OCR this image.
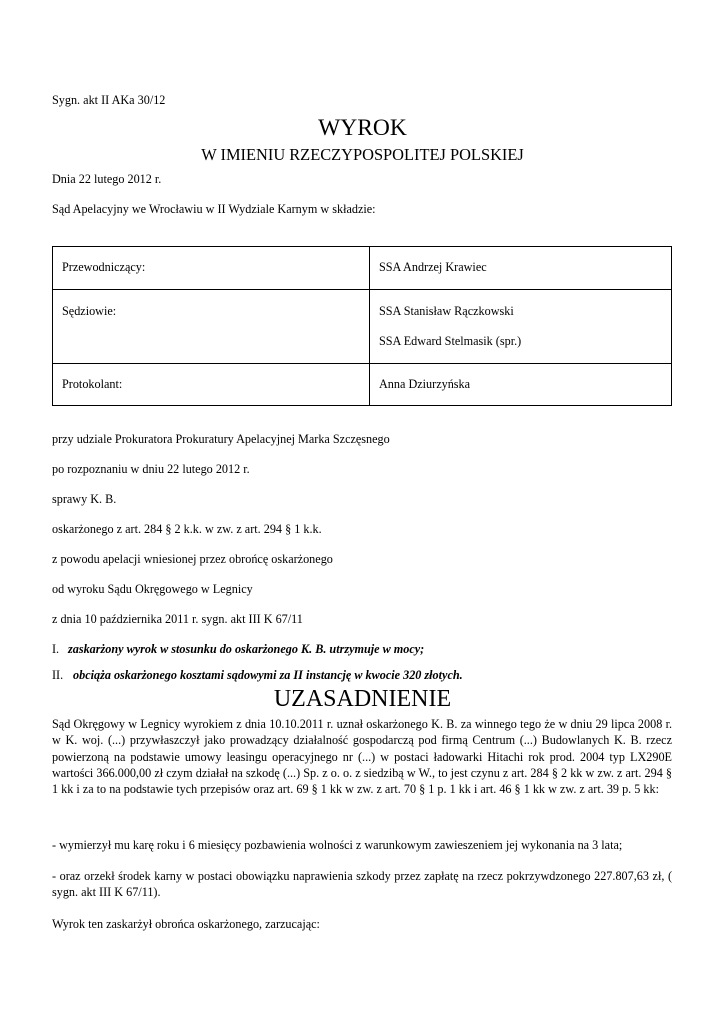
Sygn. akt II AKa 30/12
WYROK
W IMIENIU RZECZYPOSPOLITEJ POLSKIEJ
Dnia 22 lutego 2012 r.
Sąd Apelacyjny we Wrocławiu w II Wydziale Karnym w składzie:
Przewodniczący:	SSA Andrzej Krawiec

Sędziowie:	SSA Stanisław Rączkowski
SSA Edward Stelmasik (spr.)

Protokolant:	Anna Dziurzyńska
przy udziale Prokuratora Prokuratury Apelacyjnej Marka Szczęsnego
po rozpoznaniu w dniu 22 lutego 2012 r.
sprawy K. B.
oskarżonego z art. 284 § 2 k.k. w zw. z art. 294 § 1 k.k.
z powodu apelacji wniesionej przez obrońcę oskarżonego
od wyroku Sądu Okręgowego w Legnicy
z dnia 10 października 2011 r. sygn. akt III K 67/11
I. zaskarżony wyrok w stosunku do oskarżonego K. B. utrzymuje w mocy;
II. obciąża oskarżonego kosztami sądowymi za II instancję w kwocie 320 złotych.
UZASADNIENIE
Sąd Okręgowy w Legnicy wyrokiem z dnia 10.10.2011 r. uznał oskarżonego K. B. za winnego tego że w dniu 29 lipca 2008 r. w K. woj. (...) przywłaszczył jako prowadzący działalność gospodarczą pod firmą Centrum (...) Budowlanych K. B. rzecz powierzoną na podstawie umowy leasingu operacyjnego nr (...) w postaci ładowarki Hitachi rok prod. 2004 typ LX290E wartości 366.000,00 zł czym działał na szkodę (...) Sp. z o. o. z siedzibą w W., to jest czynu z art. 284 § 2 kk w zw. z art. 294 § 1 kk i za to na podstawie tych przepisów oraz art. 69 § 1 kk w zw. z art. 70 § 1 p. 1 kk i art. 46 § 1 kk w zw. z art. 39 p. 5 kk:
- wymierzył mu karę roku i 6 miesięcy pozbawienia wolności z warunkowym zawieszeniem jej wykonania na 3 lata;
- oraz orzekł środek karny w postaci obowiązku naprawienia szkody przez zapłatę na rzecz pokrzywdzonego 227.807,63 zł, ( sygn. akt III K 67/11).
Wyrok ten zaskarżył obrońca oskarżonego, zarzucając:
